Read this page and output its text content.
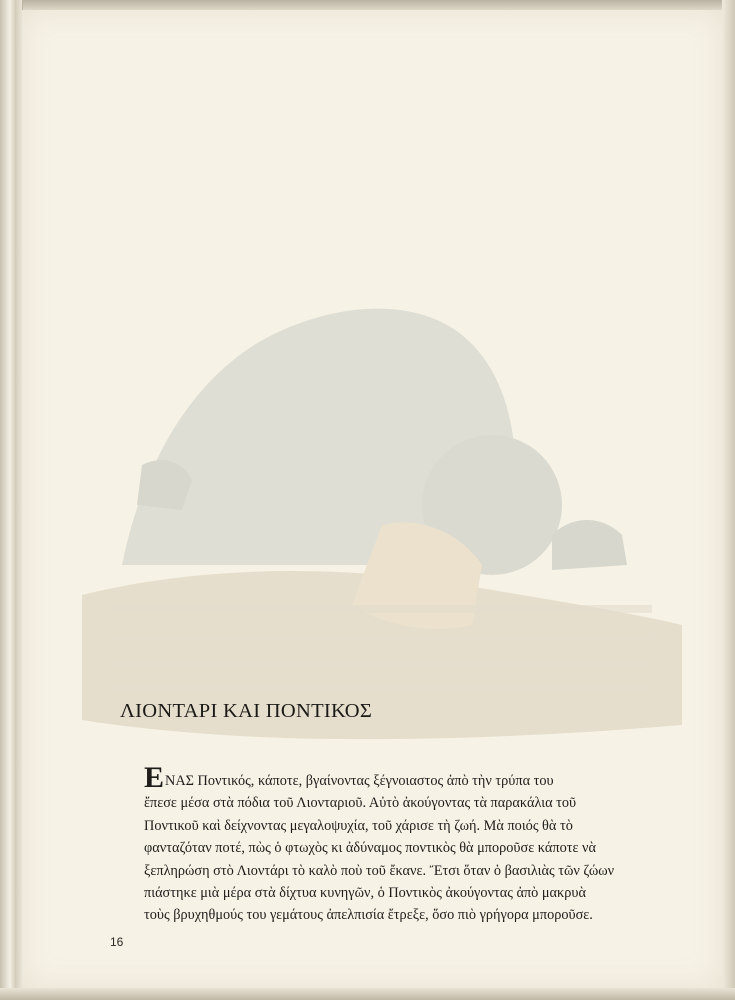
ΛΙΟΝΤΑΡΙ ΚΑΙ ΠΟΝΤΙΚΟΣ
ΕΝΑΣ Ποντικός, κάποτε, βγαίνοντας ξέγνοιαστος ἀπὸ τὴν τρύπα του
ἔπεσε μέσα στὰ πόδια τοῦ Λιονταριοῦ. Αὐτὸ ἀκούγοντας τὰ παρακάλια τοῦ
Ποντικοῦ καὶ δείχνοντας μεγαλοψυχία, τοῦ χάρισε τὴ ζωή. Μὰ ποιός θὰ τὸ
φανταζόταν ποτέ, πὼς ὁ φτωχὸς κι ἀδύναμος ποντικὸς θὰ μποροῦσε κάποτε νὰ
ξεπληρώση στὸ Λιοντάρι τὸ καλὸ ποὺ τοῦ ἔκανε. Ἔτσι ὅταν ὁ βασιλιὰς τῶν ζώων
πιάστηκε μιὰ μέρα στὰ δίχτυα κυνηγῶν, ὁ Ποντικὸς ἀκούγοντας ἀπὸ μακρυὰ
τοὺς βρυχηθμούς του γεμάτους ἀπελπισία ἔτρεξε, ὅσο πιὸ γρήγορα μποροῦσε.
16
